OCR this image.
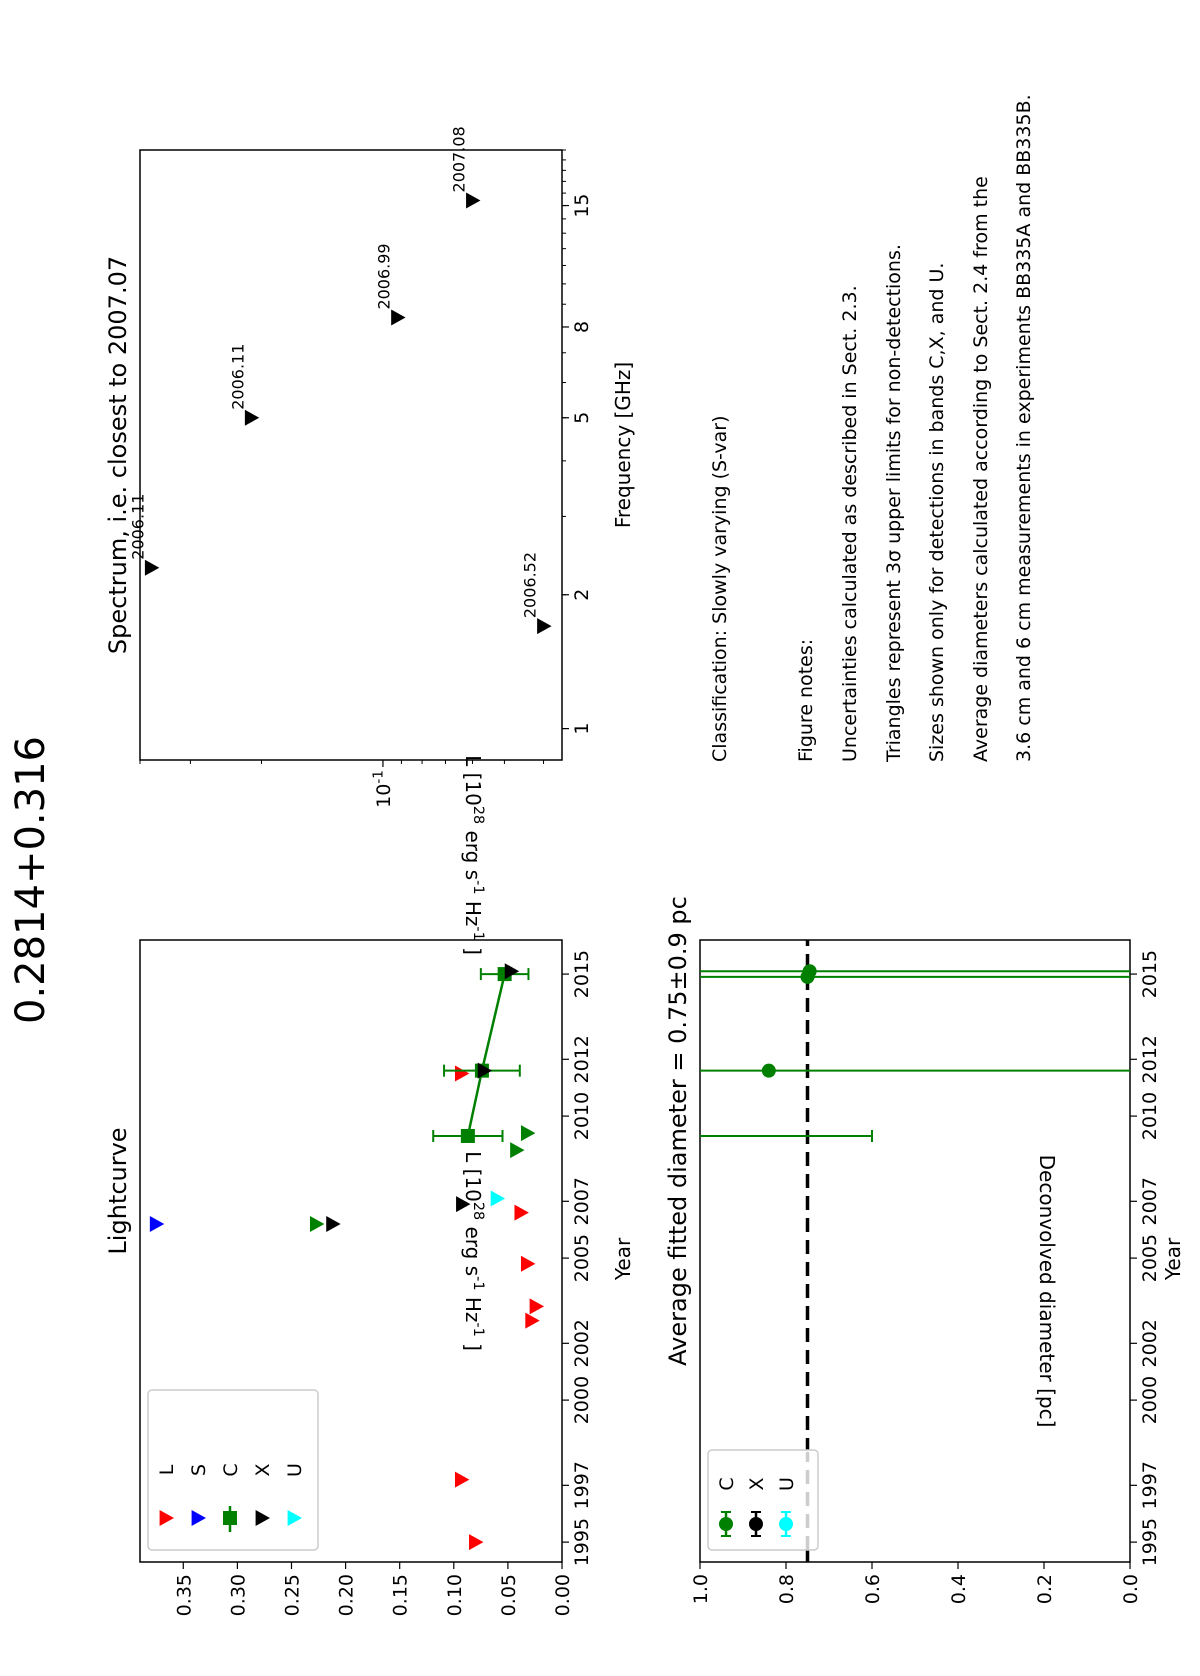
0.2814+0.316
Classification: Slowly varying (S-var)	Figure notes: Uncertainties calculated as described in Sect. 2.3. Triangles represent 3σ upper limits for non-detections. Sizes shown only for detections in bands C,X, and U. Average diameters calculated according to Sect. 2.4 from the 3.6 cm and 6 cm measurements in experiments BB335A and BB335B.
Lightcurve
Year
L [$10^{28}$ erg $s^{-1}$ $Hz^{-1}$ ]
1995
1997
2000
2002
2005
2007
2010
2012
2015
0.00
0.05
0.10
0.15
0.20
0.25
0.30
0.35
L S C X U
Spectrum, i.e. closest to 2007.07	Frequency [GHz]
L [$10^{28}$ erg $s^{-1}$ $Hz^{-1}$ ]
1
2
5
8
15
$10^{-1}$
2006.52
2006.11
2006.11
2006.99
2007.08
Average fitted diameter = 0.75±0.9 pc	Year
Deconvolved diameter [pc]
1995
1997
2000
2002
2005
2007
2010
2012
2015
0.0
0.2
0.4
0.6
0.8
1.0
C X U
